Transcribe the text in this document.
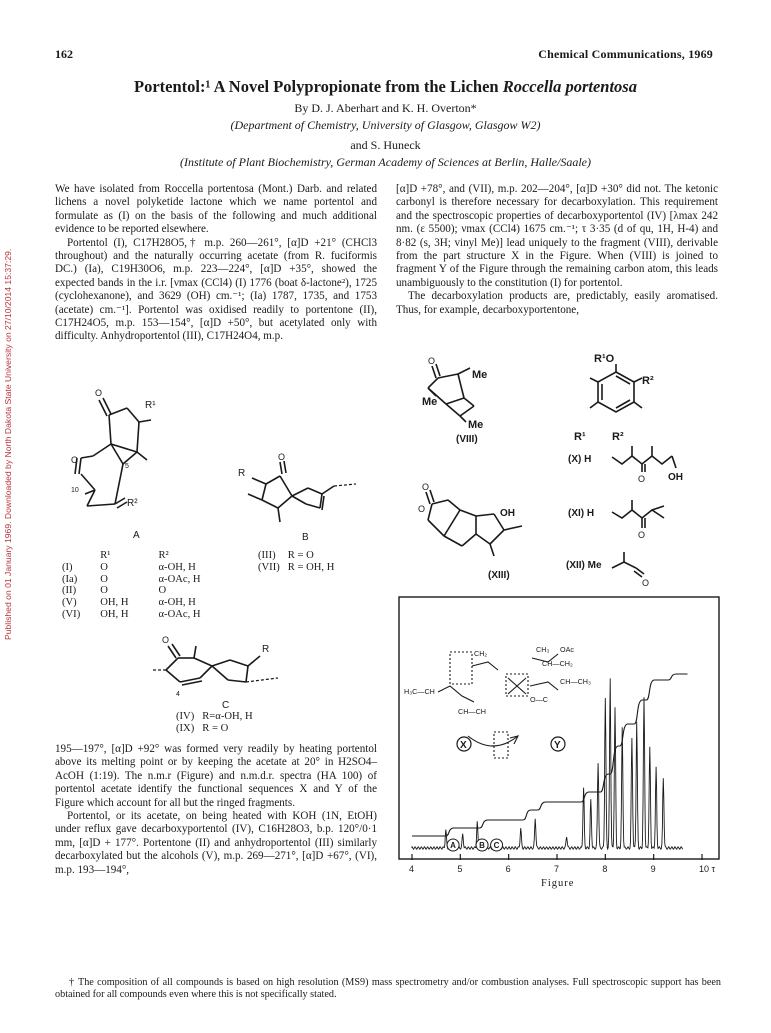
Published on 01 January 1969. Downloaded by North Dakota State University on 27/10/2014 15:37:29.
162	Chemical Communications, 1969
Portentol:¹ A Novel Polypropionate from the Lichen Roccella portentosa
By D. J. Aberhart and K. H. Overton*
(Department of Chemistry, University of Glasgow, Glasgow W2)
and S. Huneck
(Institute of Plant Biochemistry, German Academy of Sciences at Berlin, Halle/Saale)

We have isolated from Roccella portentosa (Mont.) Darb. and related lichens a novel polyketide lactone which we name portentol and formulate as (I) on the basis of the following and much additional evidence to be reported elsewhere.

Portentol (I), C17H28O5,† m.p. 260—261°, [α]D +21° (CHCl3 throughout) and the naturally occurring acetate (from R. fuciformis DC.) (Ia), C19H30O6, m.p. 223—224°, [α]D +35°, showed the expected bands in the i.r. [νmax (CCl4) (I) 1776 (boat δ-lactone²), 1725 (cyclohexanone), and 3629 (OH) cm.⁻¹; (Ia) 1787, 1735, and 1753 (acetate) cm.⁻¹]. Portentol was oxidised readily to portentone (II), C17H24O5, m.p. 153—154°, [α]D +50°, but acetylated only with difficulty. Anhydroportentol (III), C17H24O4, m.p.

[α]D +78°, and (VII), m.p. 202—204°, [α]D +30° did not. The ketonic carbonyl is therefore necessary for decarboxylation. This requirement and the spectroscopic properties of decarboxyportentol (IV) [λmax 242 nm. (ε 5500); νmax (CCl4) 1675 cm.⁻¹; τ 3·35 (d of qu, 1H, H-4) and 8·82 (s, 3H; vinyl Me)] lead uniquely to the fragment (VIII), derivable from the part structure X in the Figure. When (VIII) is joined to fragment Y of the Figure through the remaining carbon atom, this leads unambiguously to the constitution (I) for portentol.

The decarboxylation products are, predictably, easily aromatised. Thus, for example, decarboxyportentone,

O
R¹
O
5
10
R²
A
O
R
B
	R¹	R²
(I)	O	α-OH, H
(Ia)	O	α-OAc, H
(II)	O	O
(V)	OH, H	α-OH, H
(VI)	OH, H	α-OAc, H
(III)	R = O
(VII)	R = OH, H
O
R
4
C
(IV)	R=α-OH, H
(IX)	R = O
O
Me
Me
Me
(VIII)
R¹O
R²
R¹ R²
(X) H
OH
O
(XI) H
O
(XII) Me
O
O
O	OH
(XIII)
CH₂	CH₃ OAc
H₃C—CH
CH—CH₂
CH—CH₃
O—C
CH—CH
X	Y
4	5	6	7	8	9	10 τ
A	B C
Figure

195—197°, [α]D +92° was formed very readily by heating portentol above its melting point or by keeping the acetate at 20° in H2SO4–AcOH (1:19). The n.m.r (Figure) and n.m.d.r. spectra (HA 100) of portentol acetate identify the functional sequences X and Y of the Figure which account for all but the ringed fragments.

Portentol, or its acetate, on being heated with KOH (1N, EtOH) under reflux gave decarboxyportentol (IV), C16H28O3, b.p. 120°/0·1 mm, [α]D + 177°. Portentone (II) and anhydroportentol (III) similarly decarboxylated but the alcohols (V), m.p. 269—271°, [α]D +67°, (VI), m.p. 193—194°,

† The composition of all compounds is based on high resolution (MS9) mass spectrometry and/or combustion analyses. Full spectroscopic support has been obtained for all compounds even where this is not specifically stated.
